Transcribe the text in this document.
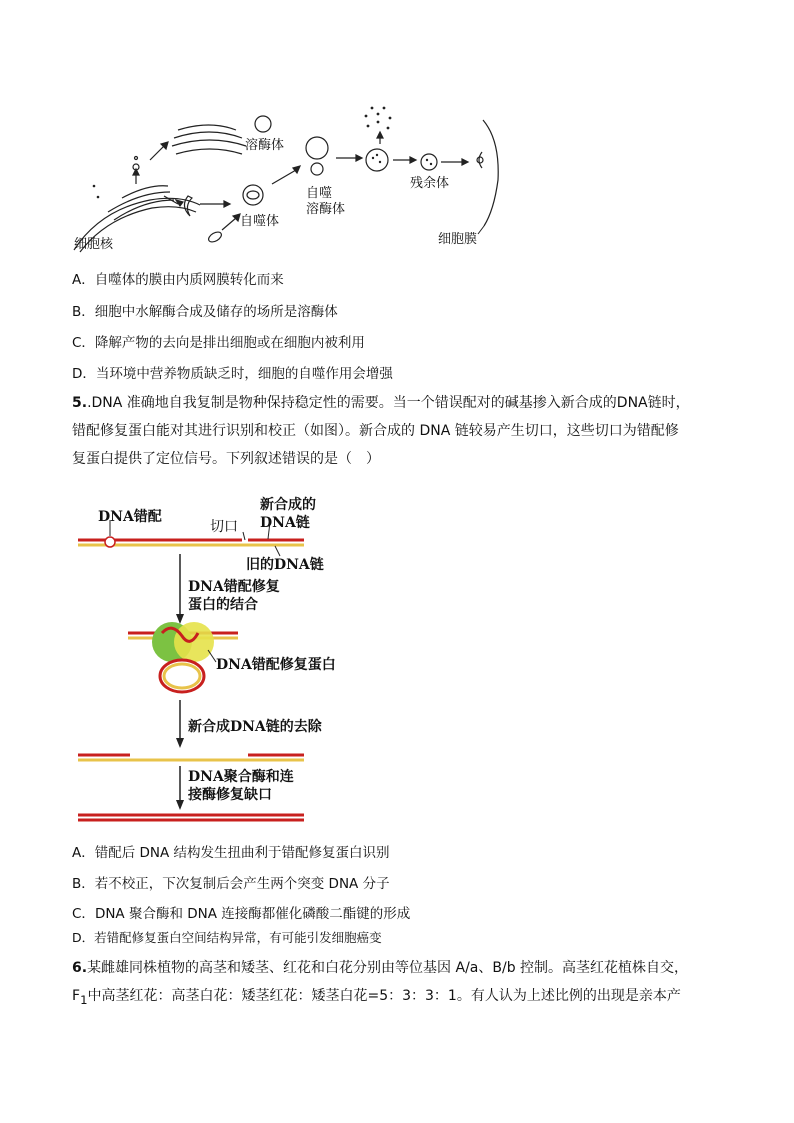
细胞核
自噬体
溶酶体
自噬
溶酶体
残余体
细胞膜
A．自噬体的膜由内质网膜转化而来
B．细胞中水解酶合成及储存的场所是溶酶体
C．降解产物的去向是排出细胞或在细胞内被利用
D．当环境中营养物质缺乏时，细胞的自噬作用会增强
5..DNA 准确地自我复制是物种保持稳定性的需要。当一个错误配对的碱基掺入新合成的DNA链时，
错配修复蛋白能对其进行识别和校正（如图）。新合成的 DNA 链较易产生切口，这些切口为错配修
复蛋白提供了定位信号。下列叙述错误的是（　）
DNA错配
切口
新合成的
DNA链
旧的DNA链
DNA错配修复
蛋白的结合
DNA错配修复蛋白
新合成DNA链的去除
DNA聚合酶和连
接酶修复缺口
A．错配后 DNA 结构发生扭曲利于错配修复蛋白识别
B．若不校正，下次复制后会产生两个突变 DNA 分子
C．DNA 聚合酶和 DNA 连接酶都催化磷酸二酯键的形成
D．若错配修复蛋白空间结构异常，有可能引发细胞癌变
6.某雌雄同株植物的高茎和矮茎、红花和白花分别由等位基因 A/a、B/b 控制。高茎红花植株自交，
$F_1$中高茎红花：高茎白花：矮茎红花：矮茎白花=5：3：3：1。有人认为上述比例的出现是亲本产
